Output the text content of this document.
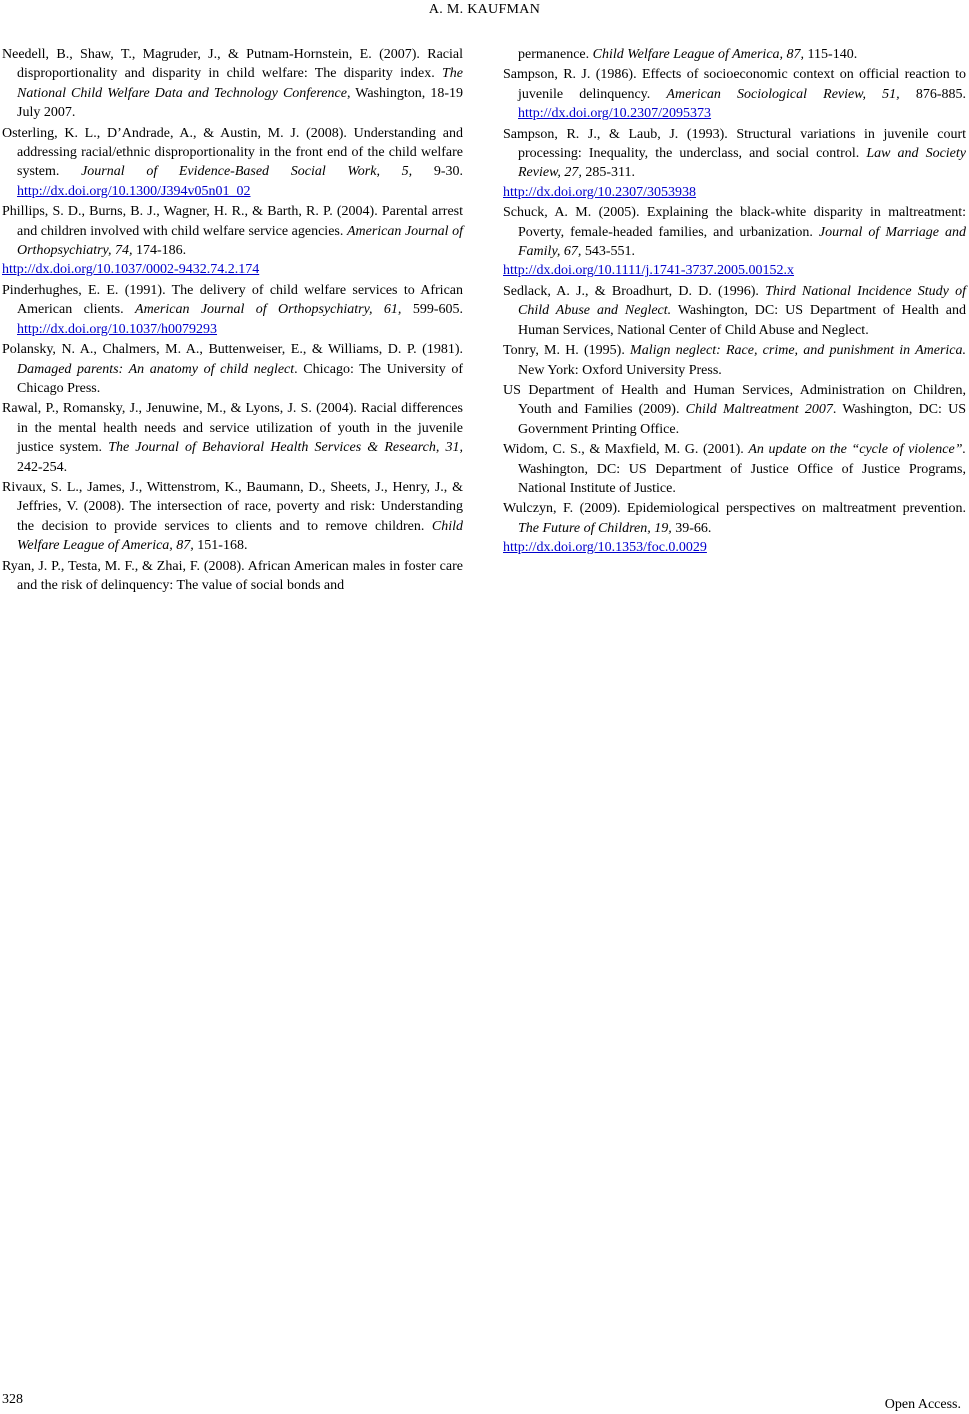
A. M. KAUFMAN

Needell, B., Shaw, T., Magruder, J., & Putnam-Hornstein, E. (2007). Racial disproportionality and disparity in child welfare: The disparity index. The National Child Welfare Data and Technology Conference, Washington, 18-19 July 2007.

Osterling, K. L., D’Andrade, A., & Austin, M. J. (2008). Understanding and addressing racial/ethnic disproportionality in the front end of the child welfare system. Journal of Evidence-Based Social Work, 5, 9-30. http://dx.doi.org/10.1300/J394v05n01_02

Phillips, S. D., Burns, B. J., Wagner, H. R., & Barth, R. P. (2004). Parental arrest and children involved with child welfare service agencies. American Journal of Orthopsychiatry, 74, 174-186.
http://dx.doi.org/10.1037/0002-9432.74.2.174

Pinderhughes, E. E. (1991). The delivery of child welfare services to African American clients. American Journal of Orthopsychiatry, 61, 599-605. http://dx.doi.org/10.1037/h0079293

Polansky, N. A., Chalmers, M. A., Buttenweiser, E., & Williams, D. P. (1981). Damaged parents: An anatomy of child neglect. Chicago: The University of Chicago Press.

Rawal, P., Romansky, J., Jenuwine, M., & Lyons, J. S. (2004). Racial differences in the mental health needs and service utilization of youth in the juvenile justice system. The Journal of Behavioral Health Services & Research, 31, 242-254.

Rivaux, S. L., James, J., Wittenstrom, K., Baumann, D., Sheets, J., Henry, J., & Jeffries, V. (2008). The intersection of race, poverty and risk: Understanding the decision to provide services to clients and to remove children. Child Welfare League of America, 87, 151-168.

Ryan, J. P., Testa, M. F., & Zhai, F. (2008). African American males in foster care and the risk of delinquency: The value of social bonds and

permanence. Child Welfare League of America, 87, 115-140.

Sampson, R. J. (1986). Effects of socioeconomic context on official reaction to juvenile delinquency. American Sociological Review, 51, 876-885. http://dx.doi.org/10.2307/2095373

Sampson, R. J., & Laub, J. (1993). Structural variations in juvenile court processing: Inequality, the underclass, and social control. Law and Society Review, 27, 285-311.
http://dx.doi.org/10.2307/3053938

Schuck, A. M. (2005). Explaining the black-white disparity in maltreatment: Poverty, female-headed families, and urbanization. Journal of Marriage and Family, 67, 543-551.
http://dx.doi.org/10.1111/j.1741-3737.2005.00152.x

Sedlack, A. J., & Broadhurt, D. D. (1996). Third National Incidence Study of Child Abuse and Neglect. Washington, DC: US Department of Health and Human Services, National Center of Child Abuse and Neglect.

Tonry, M. H. (1995). Malign neglect: Race, crime, and punishment in America. New York: Oxford University Press.

US Department of Health and Human Services, Administration on Children, Youth and Families (2009). Child Maltreatment 2007. Washington, DC: US Government Printing Office.

Widom, C. S., & Maxfield, M. G. (2001). An update on the “cycle of violence”. Washington, DC: US Department of Justice Office of Justice Programs, National Institute of Justice.

Wulczyn, F. (2009). Epidemiological perspectives on maltreatment prevention. The Future of Children, 19, 39-66.
http://dx.doi.org/10.1353/foc.0.0029

328	Open Access.
